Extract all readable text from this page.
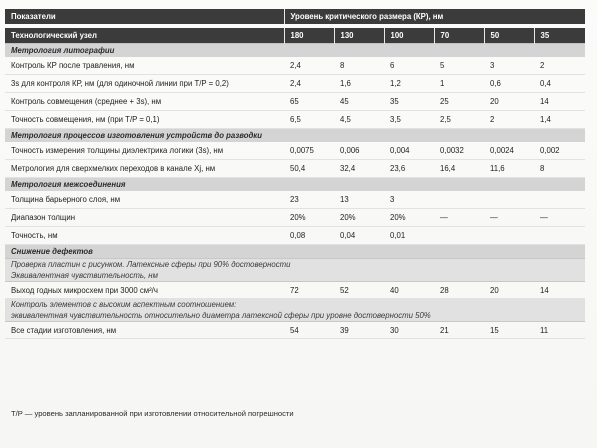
Показатели	Уровень критического размера (КР), нм					

Технологический узел	180	130	100	70	50	35
Метрология литографии						
Контроль КР после травления, нм	2,4	8	6	5	3	2
3s для контроля КР, нм (для одиночной линии при T/P = 0,2)	2,4	1,6	1,2	1	0,6	0,4
Контроль совмещения (среднее + 3s), нм	65	45	35	25	20	14
Точность совмещения, нм (при T/P = 0,1)	6,5	4,5	3,5	2,5	2	1,4
Метрология процессов изготовления устройств до разводки						
Точность измерения толщины диэлектрика логики (3s), нм	0,0075	0,006	0,004	0,0032	0,0024	0,002
Метрология для сверхмелких переходов в канале Xj, нм	50,4	32,4	23,6	16,4	11,6	8
Метрология межсоединения						
Толщина барьерного слоя, нм	23	13	3			
Диапазон толщин	20%	20%	20%	—	—	—
Точность, нм	0,08	0,04	0,01			
Снижение дефектов						
Проверка пластин с рисунком. Латексные сферы при 90% достоверности						
Эквивалентная чувствительность, нм						
Выход годных микросхем при 3000 см²/ч	72	52	40	28	20	14
Контроль элементов с высоким аспектным соотношением:						
эквивалентная чувствительность относительно диаметра латексной сферы при уровне достоверности 50%						
Все стадии изготовления, нм	54	39	30	21	15	11
T/P — уровень запланированной при изготовлении относительной погрешности
